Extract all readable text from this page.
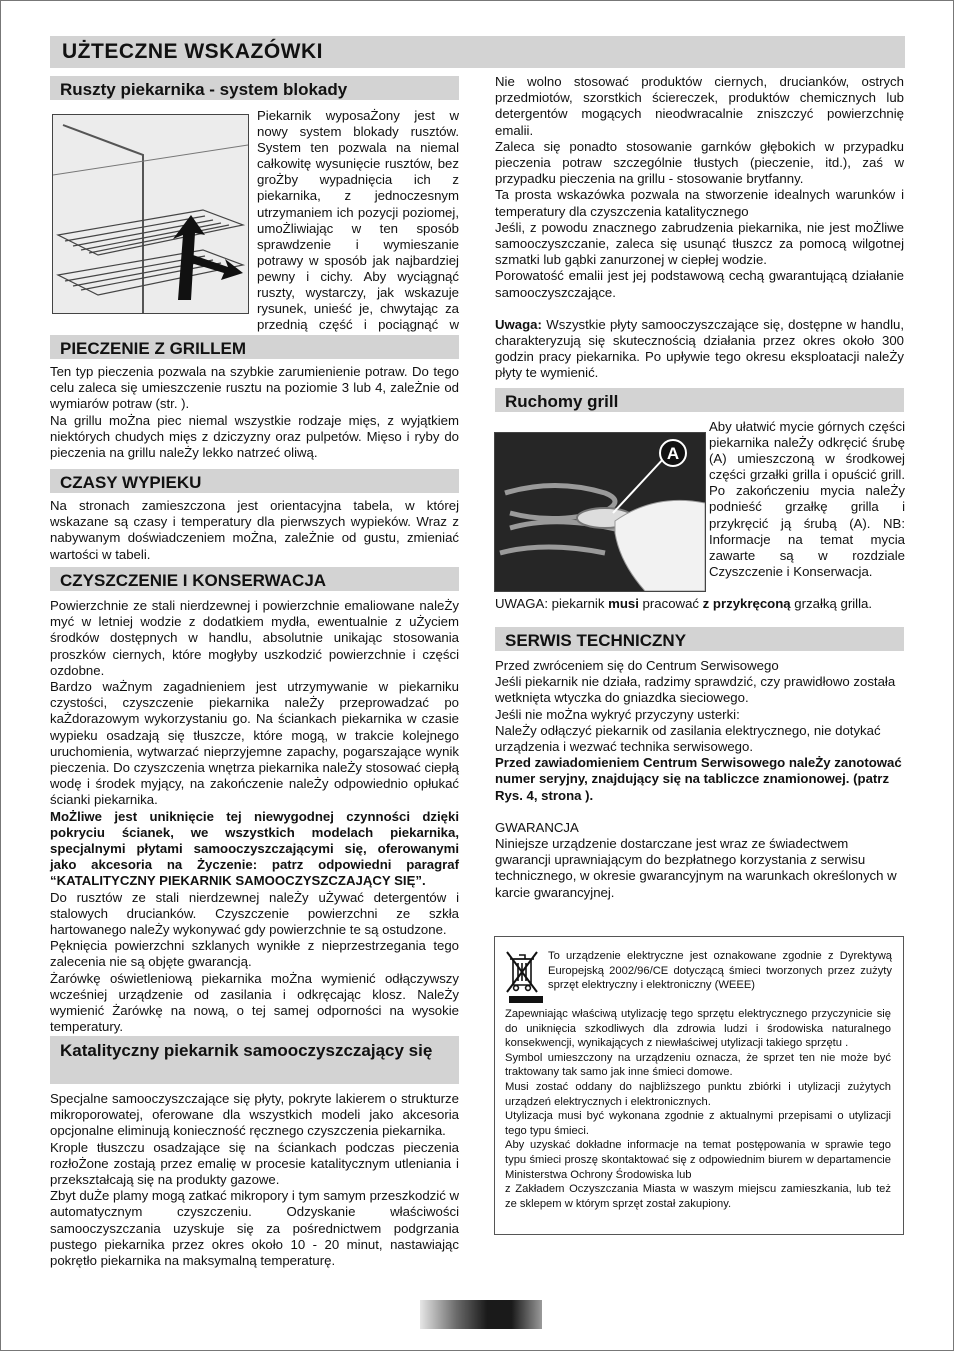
UŻTECZNE WSKAZÓWKI
Ruszty piekarnika - system blokady
Piekarnik wyposaŻony jest w nowy system blokady rusztów. System ten pozwala na niemal całkowitę wysunięcie rusztów, bez groŻby wypadnięcia ich z piekarnika, z jednoczesnym utrzymaniem ich pozycji poziomej, umoŻliwiając w ten sposób sprawdzenie i wymieszanie potrawy w sposób jak najbardziej pewny i cichy. Aby wyciągnąć ruszty, wystarczy, jak wskazuje rysunek, unieść je, chwytając za przednią część i pociągnąć w
PIECZENIE Z GRILLEM

Ten typ pieczenia pozwala na szybkie zarumienienie potraw. Do tego celu zaleca się umieszczenie rusztu na poziomie 3 lub 4, zaleŻnie od wymiarów potraw (str. ).

Na grillu moŻna piec niemal wszystkie rodzaje mięs, z wyjątkiem niektórych chudych mięs z dziczyzny oraz pulpetów. Mięso i ryby do pieczenia na grillu naleŻy lekko natrzeć oliwą.

CZASY WYPIEKU

Na stronach zamieszczona jest orientacyjna tabela, w której wskazane są czasy i temperatury dla pierwszych wypieków. Wraz z nabywanym doświadczeniem moŻna, zaleŻnie od gustu, zmieniać wartości w tabeli.

CZYSZCZENIE I KONSERWACJA

Powierzchnie ze stali nierdzewnej i powierzchnie emaliowane naleŻy myć w letniej wodzie z dodatkiem mydła, ewentualnie z uŻyciem środków dostępnych w handlu, absolutnie unikając stosowania proszków ciernych, które mogłyby uszkodzić powierzchnie i części ozdobne.

Bardzo waŻnym zagadnieniem jest utrzymywanie w piekarniku czystości, czyszczenie piekarnika naleŻy przeprowadzać po kaŻdorazowym wykorzystaniu go. Na ściankach piekarnika w czasie wypieku osadzają się tłuszcze, które mogą, w trakcie kolejnego uruchomienia, wytwarzać nieprzyjemne zapachy, pogarszające wynik pieczenia. Do czyszczenia wnętrza piekarnika naleŻy stosować ciepłą wodę i środek myjący, na zakończenie naleŻy odpowiednio opłukać ścianki piekarnika.

MoŻliwe jest uniknięcie tej niewygodnej czynności dzięki pokryciu ścianek, we wszystkich modelach piekarnika, specjalnymi płytami samooczyszczającymi się, oferowanymi jako akcesoria na Życzenie: patrz odpowiedni paragraf “KATALITYCZNY PIEKARNIK SAMOOCZYSZCZAJĄCY SIĘ”.

Do rusztów ze stali nierdzewnej naleŻy uŻywać detergentów i stalowych drucianków. Czyszczenie powierzchni ze szkła hartowanego naleŻy wykonywać gdy powierzchnie te są ostudzone.

Pęknięcia powierzchni szklanych wynikłe z nieprzestrzegania tego zalecenia nie są objęte gwarancją.

Żarówkę oświetleniową piekarnika moŻna wymienić odłączywszy wcześniej urządzenie od zasilania i odkręcając klosz. NaleŻy wymienić Żarówkę na nową, o tej samej odporności na wysokie temperatury.

Katalityczny piekarnik samooczyszczający się

Specjalne samooczyszczające się płyty, pokryte lakierem o strukturze mikroporowatej, oferowane dla wszystkich modeli jako akcesoria opcjonalne eliminują konieczność ręcznego czyszczenia piekarnika.

Krople tłuszczu osadzające się na ściankach podczas pieczenia rozłoŻone zostają przez emalię w procesie katalitycznym utleniania i przekształcają się na produkty gazowe.

Zbyt duŻe plamy mogą zatkać mikropory i tym samym przeszkodzić w automatycznym czyszczeniu. Odzyskanie właściwości samooczyszczania uzyskuje się za pośrednictwem podgrzania pustego piekarnika przez okres około 10 - 20 minut, nastawiając pokrętło piekarnika na maksymalną temperaturę.

Nie wolno stosować produktów ciernych, drucianków, ostrych przedmiotów, szorstkich ściereczek, produktów chemicznych lub detergentów mogących nieodwracalnie zniszczyć powierzchnię emalii.

Zaleca się ponadto stosowanie garnków głębokich w przypadku pieczenia potraw szczególnie tłustych (pieczenie, itd.), zaś w przypadku pieczenia na grillu - stosowanie brytfanny.

Ta prosta wskazówka pozwala na stworzenie idealnych warunków i temperatury dla czyszczenia katalitycznego

Jeśli, z powodu znacznego zabrudzenia piekarnika, nie jest moŻliwe samooczyszczanie, zaleca się usunąć tłuszcz za pomocą wilgotnej szmatki lub gąbki zanurzonej w ciepłej wodzie.

Porowatość emalii jest jej podstawową cechą gwarantującą działanie samooczyszczające.

Uwaga: Wszystkie płyty samooczyszczające się, dostępne w handlu, charakteryzują się skutecznością działania przez okres około 300 godzin pracy piekarnika. Po upływie tego okresu eksploatacji naleŻy płyty te wymienić.

Ruchomy grill
A
Aby ułatwić mycie górnych części piekarnika naleŻy odkręcić śrubę (A) umieszczoną w środkowej części grzałki grilla i opuścić grill. Po zakończeniu mycia naleŻy podnieść grzałkę grilla i przykręcić ją śrubą (A). NB: Informacje na temat mycia zawarte są w rozdziale Czyszczenie i Konserwacja.
UWAGA: piekarnik musi pracować z przykręconą grzałką grilla.
SERWIS TECHNICZNY

Przed zwróceniem się do Centrum Serwisowego

Jeśli piekarnik nie działa, radzimy sprawdzić, czy prawidłowo została wetknięta wtyczka do gniazdka sieciowego.

Jeśli nie moŻna wykryć przyczyny usterki:

NaleŻy odłączyć piekarnik od zasilania elektrycznego, nie dotykać urządzenia i wezwać technika serwisowego.

Przed zawiadomieniem Centrum Serwisowego naleŻy zanotować numer seryjny, znajdujący się na tabliczce znamionowej. (patrz Rys. 4, strona ).

GWARANCJA

Niniejsze urządzenie dostarczane jest wraz ze świadectwem gwarancji uprawniającym do bezpłatnego korzystania z serwisu technicznego, w okresie gwarancyjnym na warunkach określonych w karcie gwarancyjnej.

To urządzenie elektryczne jest oznakowane zgodnie z Dyrektywą Europejską 2002/96/CE dotyczącą śmieci tworzonych przez zużyty sprzęt elektryczny i elektroniczny (WEEE)

Zapewniając właściwą utylizację tego sprzętu elektrycznego przyczynicie się do uniknięcia szkodliwych dla zdrowia ludzi i środowiska naturalnego konsekwencji, wynikających z niewłaściwej utylizacji takiego sprzętu .

Symbol umieszczony na urządzeniu oznacza, że sprzet ten nie może być traktowany tak samo jak inne śmieci domowe.

Musi zostać oddany do najbliższego punktu zbiórki i utylizacji zużytych urządzeń elektrycznych i elektronicznych.

Utylizacja musi być wykonana zgodnie z aktualnymi przepisami o utylizacji tego typu śmieci.

Aby uzyskać dokładne informacje na temat postępowania w sprawie tego typu śmieci proszę skontaktować się z odpowiednim biurem w departamencie Ministerstwa Ochrony Środowiska lub

z Zakładem Oczyszczania Miasta w waszym miejscu zamieszkania, lub też ze sklepem w którym sprzęt został zakupiony.
